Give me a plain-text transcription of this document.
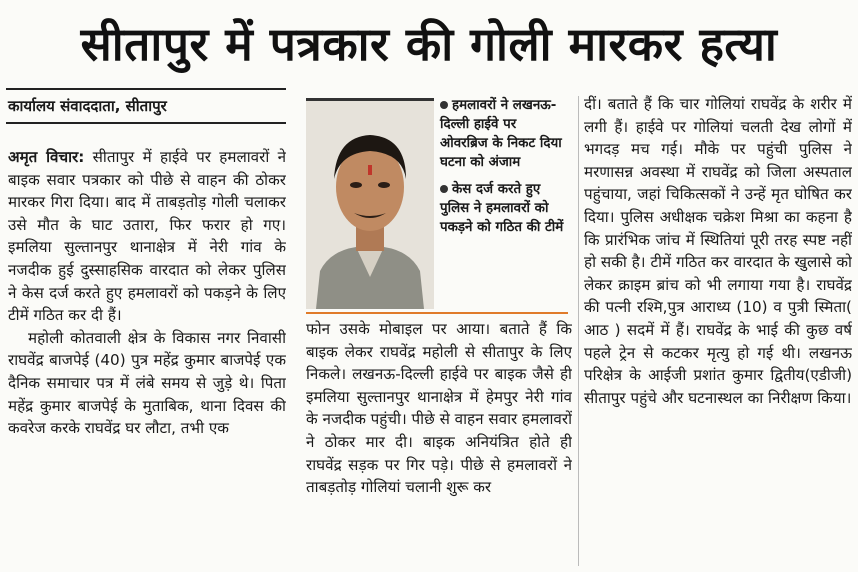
सीतापुर में पत्रकार की गोली मारकर हत्या
कार्यालय संवाददाता, सीतापुर

अमृत विचार: सीतापुर में हाईवे पर हमलावरों ने बाइक सवार पत्रकार को पीछे से वाहन की ठोकर मारकर गिरा दिया। बाद में ताबड़तोड़ गोली चलाकर उसे मौत के घाट उतारा, फिर फरार हो गए। इमलिया सुल्तानपुर थानाक्षेत्र में नेरी गांव के नजदीक हुई दुस्साहसिक वारदात को लेकर पुलिस ने केस दर्ज करते हुए हमलावरों को पकड़ने के लिए टीमें गठित कर दी हैं।

महोली कोतवाली क्षेत्र के विकास नगर निवासी राघवेंद्र बाजपेई (40) पुत्र महेंद्र कुमार बाजपेई एक दैनिक समाचार पत्र में लंबे समय से जुड़े थे। पिता महेंद्र कुमार बाजपेई के मुताबिक, थाना दिवस की कवरेज करके राघवेंद्र घर लौटा, तभी एक

हमलावरों ने लखनऊ-दिल्ली हाईवे पर ओवरब्रिज के निकट दिया घटना को अंजाम
केस दर्ज करते हुए पुलिस ने हमलावरों को पकड़ने को गठित की टीमें

फोन उसके मोबाइल पर आया। बताते हैं कि बाइक लेकर राघवेंद्र महोली से सीतापुर के लिए निकले। लखनऊ-दिल्ली हाईवे पर बाइक जैसे ही इमलिया सुल्तानपुर थानाक्षेत्र में हेमपुर नेरी गांव के नजदीक पहुंची। पीछे से वाहन सवार हमलावरों ने ठोकर मार दी। बाइक अनियंत्रित होते ही राघवेंद्र सड़क पर गिर पड़े। पीछे से हमलावरों ने ताबड़तोड़ गोलियां चलानी शुरू कर

दीं। बताते हैं कि चार गोलियां राघवेंद्र के शरीर में लगी हैं। हाईवे पर गोलियां चलती देख लोगों में भगदड़ मच गई। मौके पर पहुंची पुलिस ने मरणासन्न अवस्था में राघवेंद्र को जिला अस्पताल पहुंचाया, जहां चिकित्सकों ने उन्हें मृत घोषित कर दिया। पुलिस अधीक्षक चक्रेश मिश्रा का कहना है कि प्रारंभिक जांच में स्थितियां पूरी तरह स्पष्ट नहीं हो सकी है। टीमें गठित कर वारदात के खुलासे को लेकर क्राइम ब्रांच को भी लगाया गया है। राघवेंद्र की पत्नी रश्मि,पुत्र आराध्य (10) व पुत्री स्मिता( आठ ) सदमें में हैं। राघवेंद्र के भाई की कुछ वर्ष पहले ट्रेन से कटकर मृत्यु हो गई थी। लखनऊ परिक्षेत्र के आईजी प्रशांत कुमार द्वितीय(एडीजी) सीतापुर पहुंचे और घटनास्थल का निरीक्षण किया।
